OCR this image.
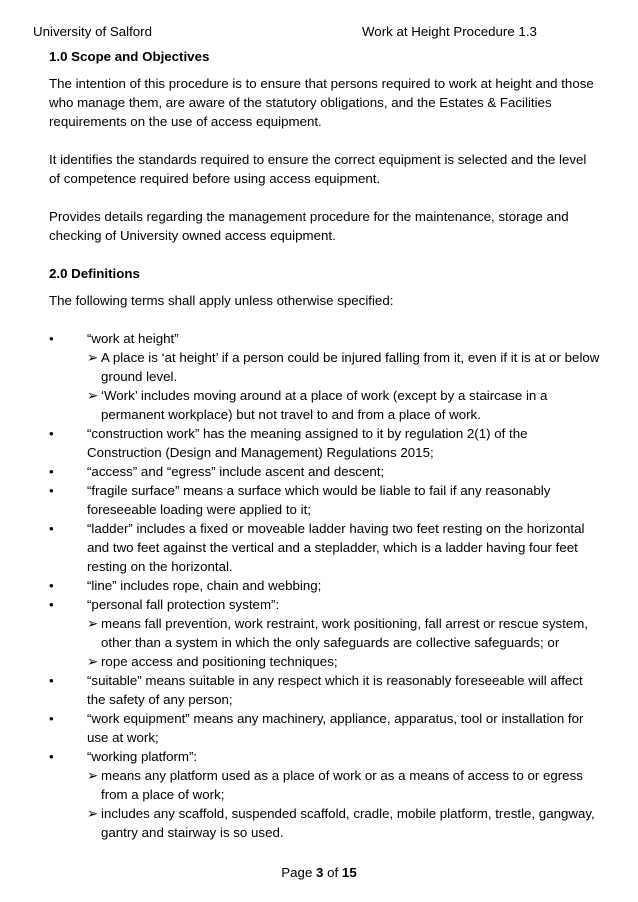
University of Salford	Work at Height Procedure 1.3
1.0 Scope and Objectives

The intention of this procedure is to ensure that persons required to work at height and those who manage them, are aware of the statutory obligations, and the Estates & Facilities requirements on the use of access equipment.

It identifies the standards required to ensure the correct equipment is selected and the level of competence required before using access equipment.

Provides details regarding the management procedure for the maintenance, storage and checking of University owned access equipment.

2.0 Definitions

The following terms shall apply unless otherwise specified:

•	“work at height”
➢ A place is ‘at height’ if a person could be injured falling from it, even if it is at or below ground level.
➢ ‘Work’ includes moving around at a place of work (except by a staircase in a permanent workplace) but not travel to and from a place of work.
•	“construction work” has the meaning assigned to it by regulation 2(1) of the Construction (Design and Management) Regulations 2015;
•	“access” and “egress” include ascent and descent;
•	“fragile surface” means a surface which would be liable to fail if any reasonably foreseeable loading were applied to it;
•	“ladder” includes a fixed or moveable ladder having two feet resting on the horizontal and two feet against the vertical and a stepladder, which is a ladder having four feet resting on the horizontal.
•	“line” includes rope, chain and webbing;
•	“personal fall protection system”:
➢ means fall prevention, work restraint, work positioning, fall arrest or rescue system, other than a system in which the only safeguards are collective safeguards; or
➢ rope access and positioning techniques;
•	“suitable” means suitable in any respect which it is reasonably foreseeable will affect the safety of any person;
•	“work equipment” means any machinery, appliance, apparatus, tool or installation for use at work;
•	“working platform”:
➢ means any platform used as a place of work or as a means of access to or egress from a place of work;
➢ includes any scaffold, suspended scaffold, cradle, mobile platform, trestle, gangway, gantry and stairway is so used.
Page 3 of 15
